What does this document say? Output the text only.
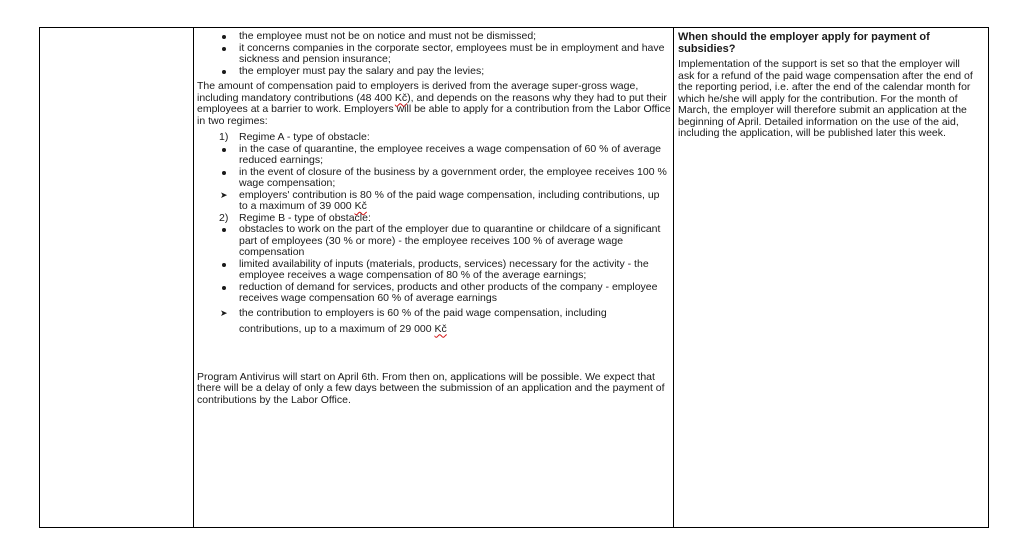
the employee must not be on notice and must not be dismissed;
it concerns companies in the corporate sector, employees must be in employment and have sickness and pension insurance;
the employer must pay the salary and pay the levies;
The amount of compensation paid to employers is derived from the average super-gross wage, including mandatory contributions (48 400 Kč), and depends on the reasons why they had to put their employees at a barrier to work. Employers will be able to apply for a contribution from the Labor Office in two regimes:
1) Regime A - type of obstacle:
in the case of quarantine, the employee receives a wage compensation of 60 % of average reduced earnings;
in the event of closure of the business by a government order, the employee receives 100 % wage compensation;
➤ employers' contribution is 80 % of the paid wage compensation, including contributions, up to a maximum of 39 000 Kč
2) Regime B - type of obstacle:
obstacles to work on the part of the employer due to quarantine or childcare of a significant part of employees (30 % or more) - the employee receives 100 % of average wage compensation
limited availability of inputs (materials, products, services) necessary for the activity - the employee receives a wage compensation of 80 % of the average earnings;
reduction of demand for services, products and other products of the company - employee receives wage compensation 60 % of average earnings
➤ the contribution to employers is 60 % of the paid wage compensation, including contributions, up to a maximum of 29 000 Kč
Program Antivirus will start on April 6th. From then on, applications will be possible. We expect that there will be a delay of only a few days between the submission of an application and the payment of contributions by the Labor Office.
When should the employer apply for payment of subsidies?
Implementation of the support is set so that the employer will ask for a refund of the paid wage compensation after the end of the reporting period, i.e. after the end of the calendar month for which he/she will apply for the contribution. For the month of March, the employer will therefore submit an application at the beginning of April. Detailed information on the use of the aid, including the application, will be published later this week.
